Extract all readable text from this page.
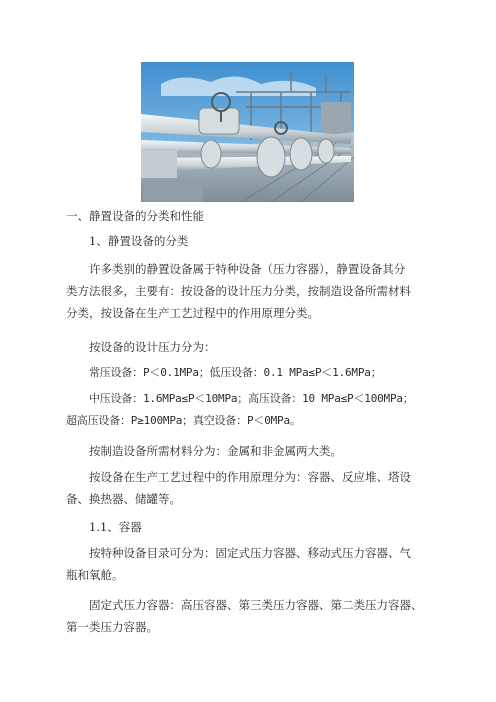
一、静置设备的分类和性能
1、静置设备的分类
许多类别的静置设备属于特种设备（压力容器），静置设备其分
类方法很多，主要有：按设备的设计压力分类，按制造设备所需材料
分类，按设备在生产工艺过程中的作用原理分类。
按设备的设计压力分为：
常压设备：P＜0.1MPa；低压设备：0.1 MPa≤P＜1.6MPa；
中压设备：1.6MPa≤P＜10MPa；高压设备：10 MPa≤P＜100MPa；
超高压设备：P≥100MPa；真空设备：P＜0MPa。
按制造设备所需材料分为：金属和非金属两大类。
按设备在生产工艺过程中的作用原理分为：容器、反应堆、塔设
备、换热器、储罐等。
1.1、容器
按特种设备目录可分为：固定式压力容器、移动式压力容器、气
瓶和氧舱。
固定式压力容器：高压容器、第三类压力容器、第二类压力容器、
第一类压力容器。
